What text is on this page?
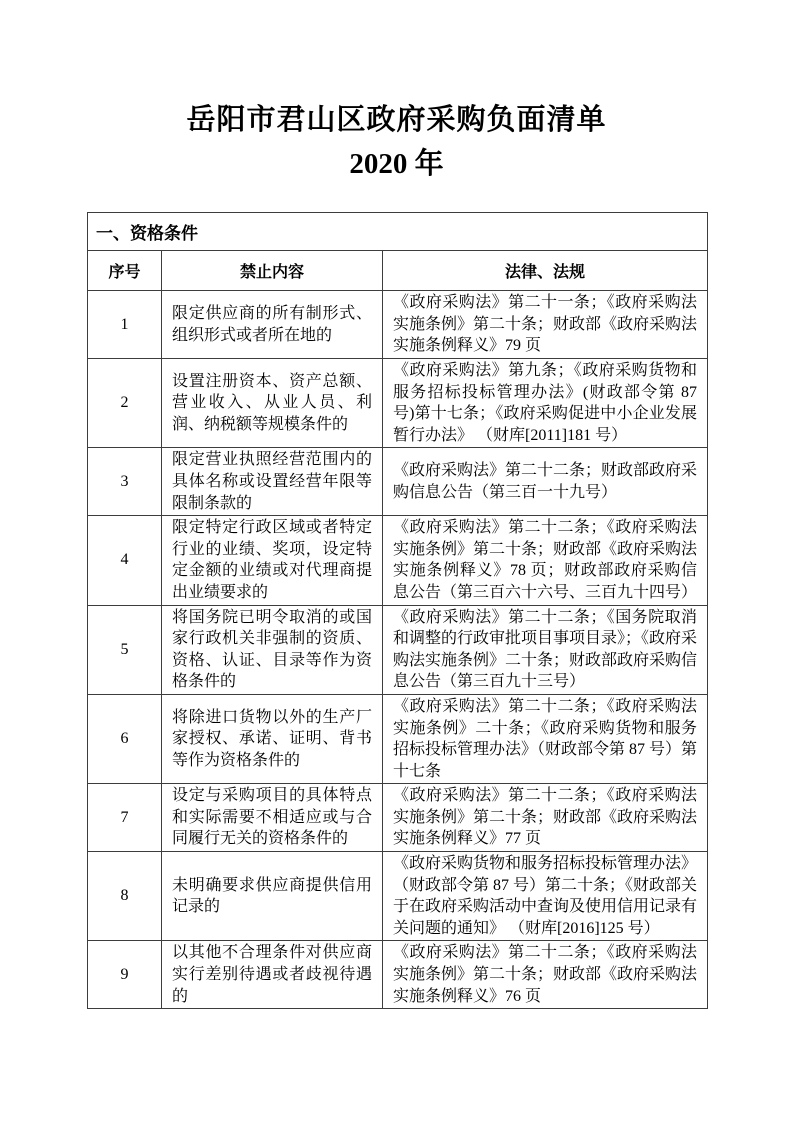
岳阳市君山区政府采购负面清单
2020 年
一、资格条件		
序号	禁止内容	法律、法规
1	限定供应商的所有制形式、组织形式或者所在地的	《政府采购法》第二十一条；《政府采购法实施条例》第二十条；财政部《政府采购法实施条例释义》79 页
2	设置注册资本、资产总额、营业收入、从业人员、利润、纳税额等规模条件的	《政府采购法》第九条；《政府采购货物和服务招标投标管理办法》(财政部令第 87 号)第十七条；《政府采购促进中小企业发展暂行办法》 （财库[2011]181 号）
3	限定营业执照经营范围内的具体名称或设置经营年限等限制条款的	《政府采购法》第二十二条；财政部政府采购信息公告（第三百一十九号）
4	限定特定行政区域或者特定行业的业绩、奖项，设定特定金额的业绩或对代理商提出业绩要求的	《政府采购法》第二十二条；《政府采购法实施条例》第二十条；财政部《政府采购法实施条例释义》78 页；财政部政府采购信息公告（第三百六十六号、三百九十四号）
5	将国务院已明令取消的或国家行政机关非强制的资质、资格、认证、目录等作为资格条件的	《政府采购法》第二十二条；《国务院取消和调整的行政审批项目事项目录》；《政府采购法实施条例》二十条；财政部政府采购信息公告（第三百九十三号）
6	将除进口货物以外的生产厂家授权、承诺、证明、背书等作为资格条件的	《政府采购法》第二十二条；《政府采购法实施条例》二十条；《政府采购货物和服务招标投标管理办法》（财政部令第 87 号）第十七条
7	设定与采购项目的具体特点和实际需要不相适应或与合同履行无关的资格条件的	《政府采购法》第二十二条；《政府采购法实施条例》第二十条；财政部《政府采购法实施条例释义》77 页
8	未明确要求供应商提供信用记录的	《政府采购货物和服务招标投标管理办法》（财政部令第 87 号）第二十条；《财政部关于在政府采购活动中查询及使用信用记录有关问题的通知》 （财库[2016]125 号）
9	以其他不合理条件对供应商实行差别待遇或者歧视待遇的	《政府采购法》第二十二条；《政府采购法实施条例》第二十条；财政部《政府采购法实施条例释义》76 页
